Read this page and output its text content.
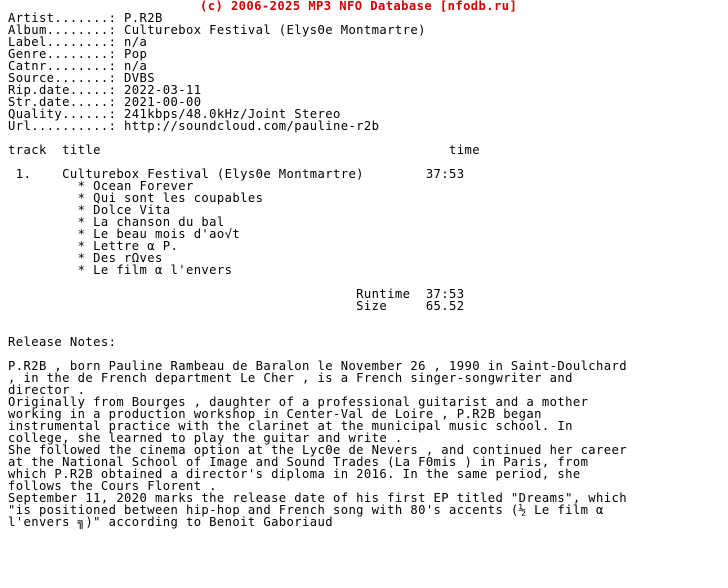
(c) 2006-2025 MP3 NFO Database [nfodb.ru]
Artist.......: P.R2B
Album........: Culturebox Festival (ElysΘe Montmartre)
Label........: n/a
Genre........: Pop
Catnr........: n/a
Source.......: DVBS
Rip.date.....: 2022-03-11
Str.date.....: 2021-00-00
Quality......: 241kbps/48.0kHz/Joint Stereo
Url..........: http://soundcloud.com/pauline-r2b
track  title                                             time
1.    Culturebox Festival (ElysΘe Montmartre)        37:53
* Ocean Forever
* Qui sont les coupables
* Dolce Vita
* La chanson du bal
* Le beau mois d'ao√t
* Lettre α P.
* Des rΩves
* Le film α l'envers
Runtime  37:53
Size     65.52
Release Notes:
P.R2B , born Pauline Rambeau de Baralon le November 26 , 1990 in Saint-Doulchard
, in the de French department Le Cher , is a French singer-songwriter and
director .
Originally from Bourges , daughter of a professional guitarist and a mother
working in a production workshop in Center-Val de Loire , P.R2B began
instrumental practice with the clarinet at the municipal music school. In
college, she learned to play the guitar and write .
She followed the cinema option at the LycΘe de Nevers , and continued her career
at the National School of Image and Sound Trades (La FΘmis ) in Paris, from
which P.R2B obtained a director's diploma in 2016. In the same period, she
follows the Cours Florent .
September 11, 2020 marks the release date of his first EP titled "Dreams", which
"is positioned between hip-hop and French song with 80's accents (½ Le film α
l'envers ╗)" according to Benoit Gaboriaud
